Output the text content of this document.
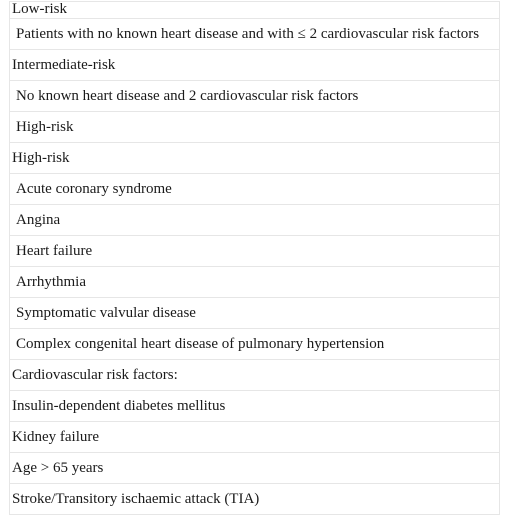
Low-risk
Patients with no known heart disease and with ≤ 2 cardiovascular risk factors
Intermediate-risk
No known heart disease and 2 cardiovascular risk factors
High-risk
High-risk
Acute coronary syndrome
Angina
Heart failure
Arrhythmia
Symptomatic valvular disease
Complex congenital heart disease of pulmonary hypertension
Cardiovascular risk factors:
Insulin-dependent diabetes mellitus
Kidney failure
Age > 65 years
Stroke/Transitory ischaemic attack (TIA)
